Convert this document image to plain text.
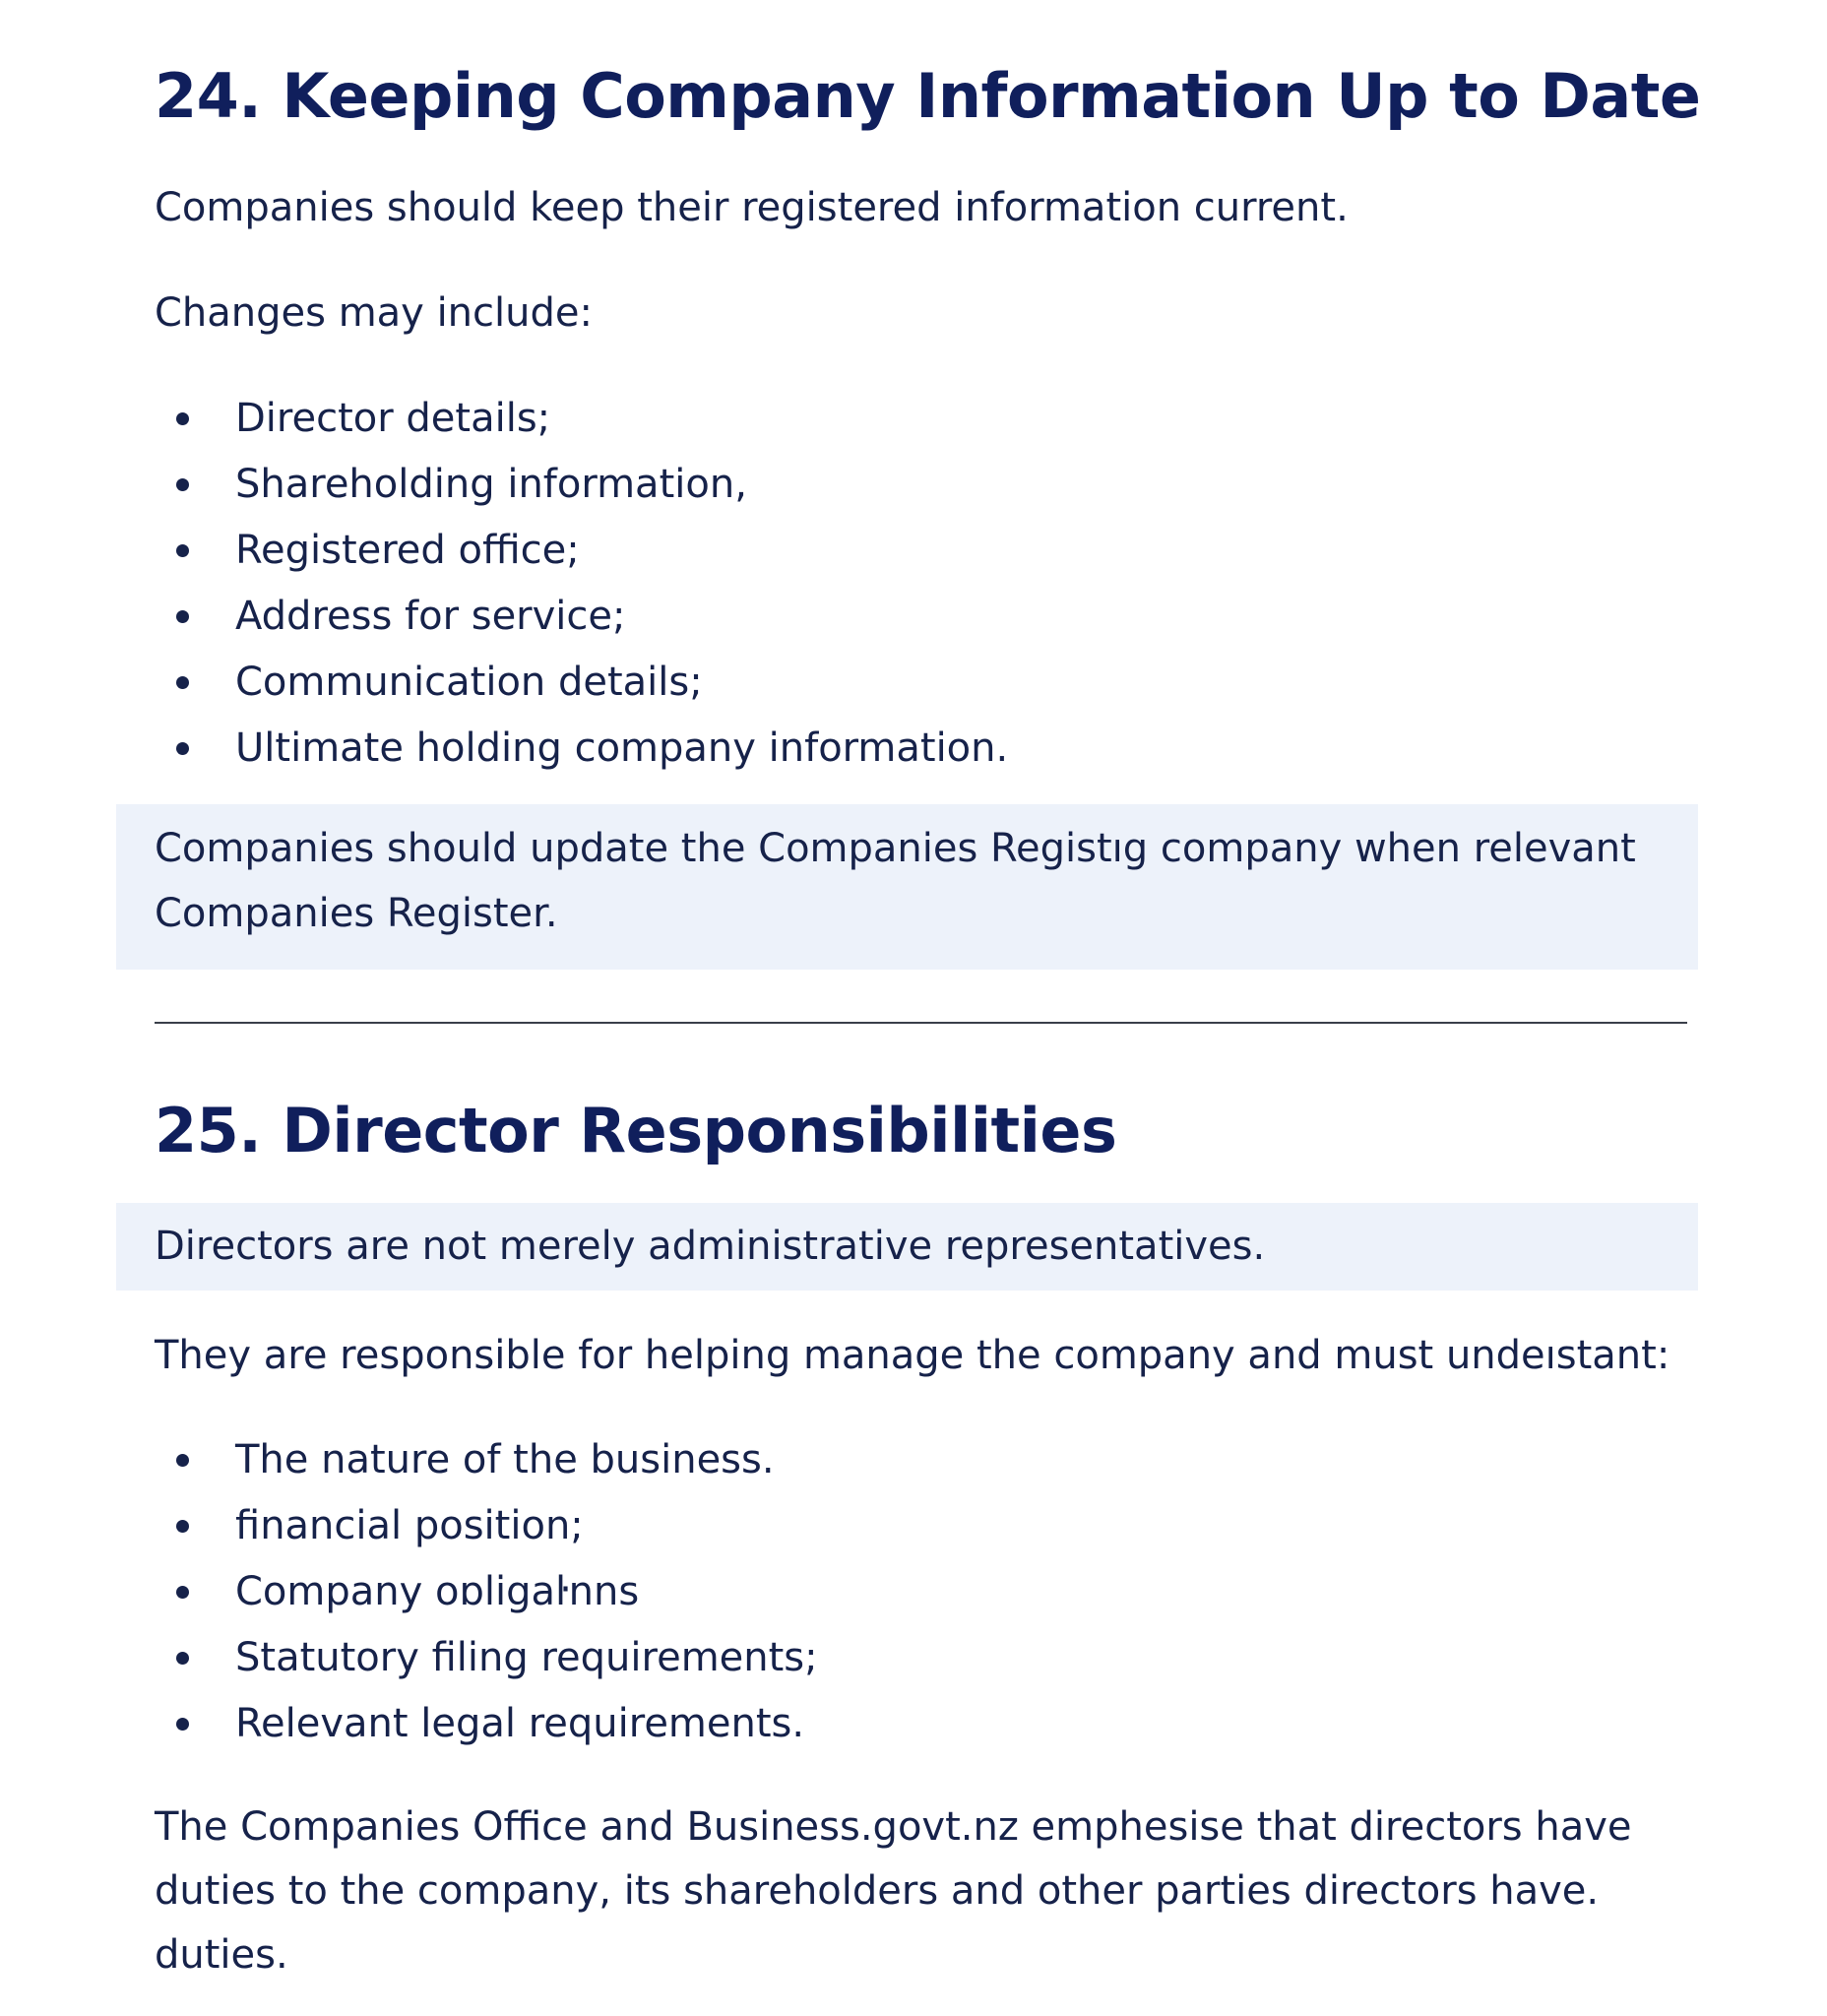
24. Keeping Company Information Up to Date

Companies should keep their registered information current.

Changes may include:

Director details;
Shareholding information,
Registered office;
Address for service;
Communication details;
Ultimate holding company information.

Companies should update the Companies Registıg company when relevant

Companies Register.

25. Director Responsibilities

Directors are not merely administrative representatives.

They are responsible for helping manage the company and must undeıstant:

The nature of the business.
financial position;
Company oɒligaŀnns
Statutory filing requirements;
Relevant legal requirements.

The Companies Office and Business.govt.nz emphesise that directors have

duties to the company, its shareholders and other parties directors have.

duties.
